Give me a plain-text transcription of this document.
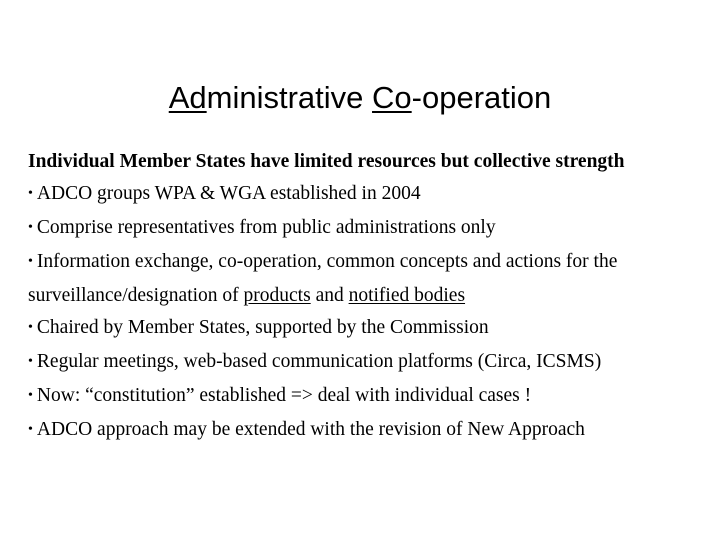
Administrative Co-operation
Individual Member States have limited resources but collective strength
• ADCO groups WPA & WGA established in 2004
• Comprise representatives from public administrations only
• Information exchange, co-operation, common concepts and actions for the
surveillance/designation of products and notified bodies
• Chaired by Member States, supported by the Commission
• Regular meetings, web-based communication platforms (Circa, ICSMS)
• Now: “constitution” established => deal with individual cases !
• ADCO approach may be extended with the revision of New Approach
